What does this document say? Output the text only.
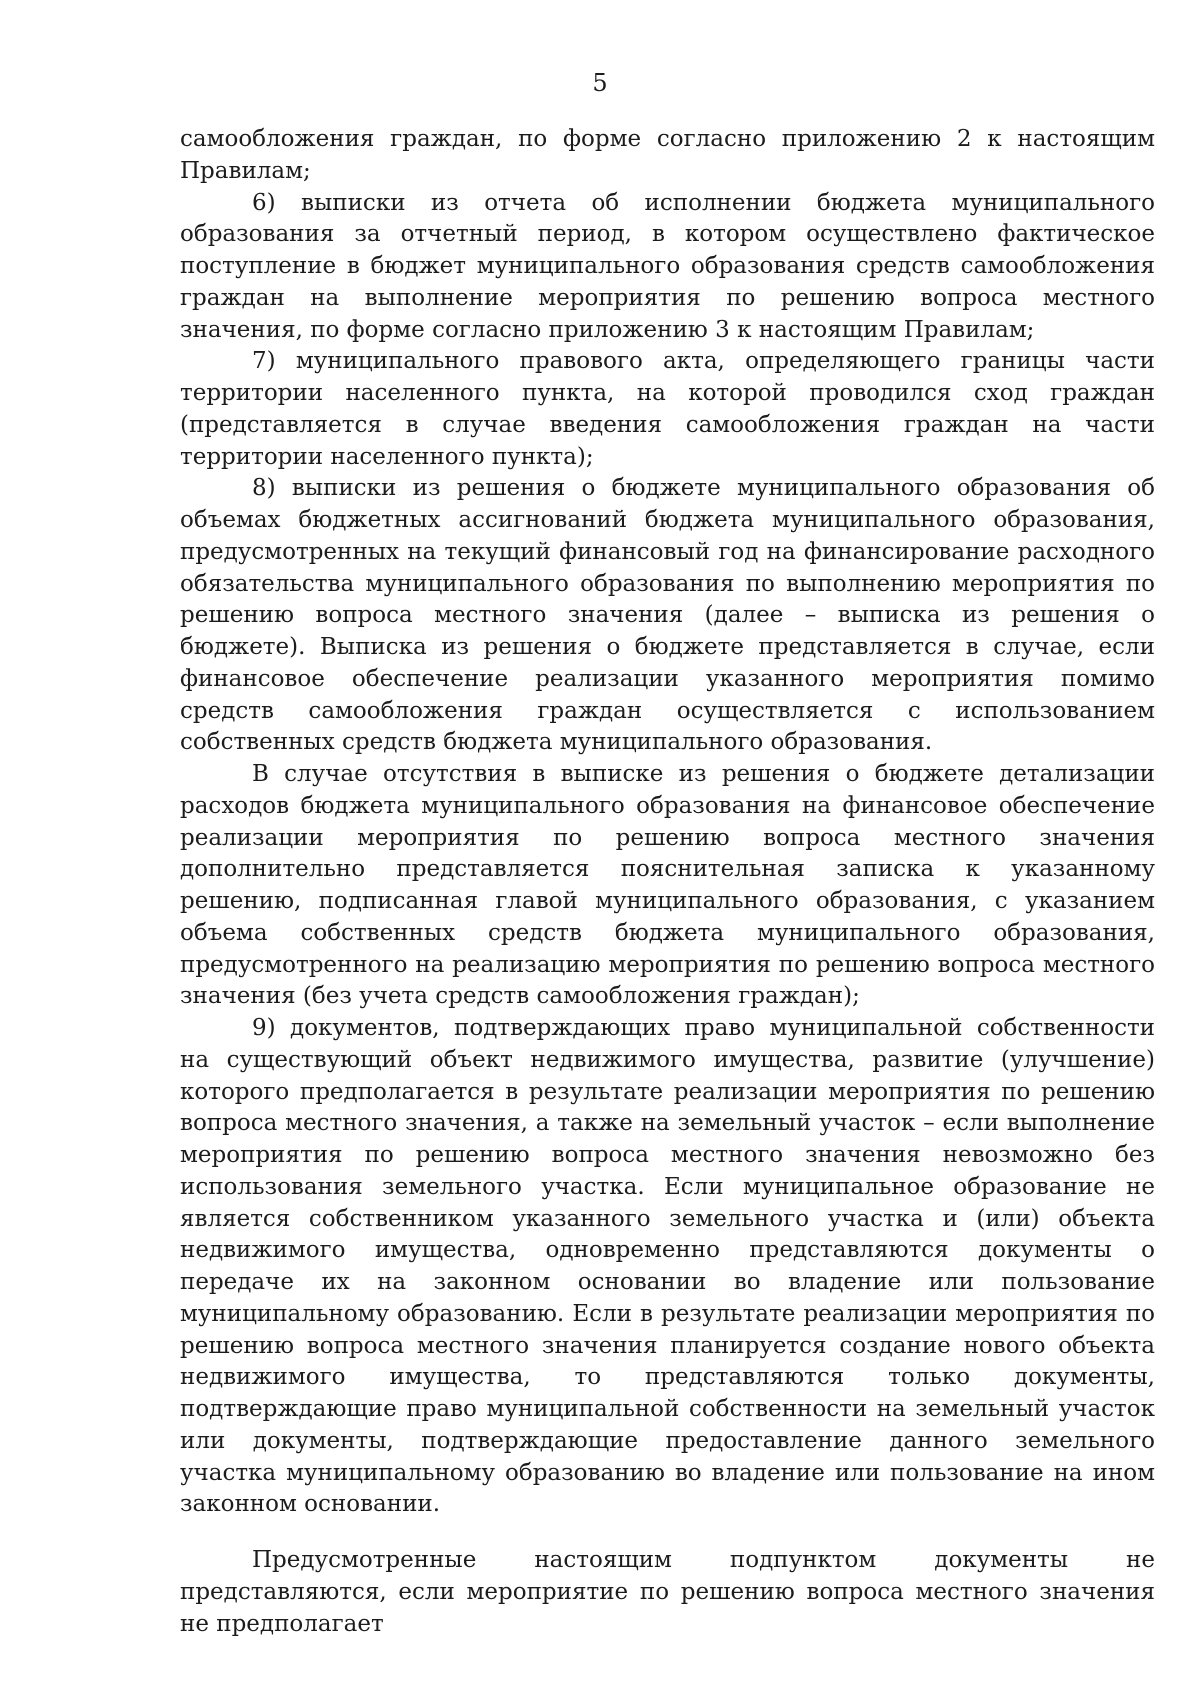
5

самообложения граждан, по форме согласно приложению 2 к настоящим Правилам;

6) выписки из отчета об исполнении бюджета муниципального образования за отчетный период, в котором осуществлено фактическое поступление в бюджет муниципального образования средств самообложения граждан на выполнение мероприятия по решению вопроса местного значения, по форме согласно приложению 3 к настоящим Правилам;

7) муниципального правового акта, определяющего границы части территории населенного пункта, на которой проводился сход граждан (представляется в случае введения самообложения граждан на части территории населенного пункта);

8) выписки из решения о бюджете муниципального образования об объемах бюджетных ассигнований бюджета муниципального образования, предусмотренных на текущий финансовый год на финансирование расходного обязательства муниципального образования по выполнению мероприятия по решению вопроса местного значения (далее – выписка из решения о бюджете). Выписка из решения о бюджете представляется в случае, если финансовое обеспечение реализации указанного мероприятия помимо средств самообложения граждан осуществляется с использованием собственных средств бюджета муниципального образования.

В случае отсутствия в выписке из решения о бюджете детализации расходов бюджета муниципального образования на финансовое обеспечение реализации мероприятия по решению вопроса местного значения дополнительно представляется пояснительная записка к указанному решению, подписанная главой муниципального образования, с указанием объема собственных средств бюджета муниципального образования, предусмотренного на реализацию мероприятия по решению вопроса местного значения (без учета средств самообложения граждан);

9) документов, подтверждающих право муниципальной собственности на существующий объект недвижимого имущества, развитие (улучшение) которого предполагается в результате реализации мероприятия по решению вопроса местного значения, а также на земельный участок – если выполнение мероприятия по решению вопроса местного значения невозможно без использования земельного участка. Если муниципальное образование не является собственником указанного земельного участка и (или) объекта недвижимого имущества, одновременно представляются документы о передаче их на законном основании во владение или пользование муниципальному образованию. Если в результате реализации мероприятия по решению вопроса местного значения планируется создание нового объекта недвижимого имущества, то представляются только документы, подтверждающие право муниципальной собственности на земельный участок или документы, подтверждающие предоставление данного земельного участка муниципальному образованию во владение или пользование на ином законном основании.

Предусмотренные настоящим подпунктом документы не представляются, если мероприятие по решению вопроса местного значения не предполагает
